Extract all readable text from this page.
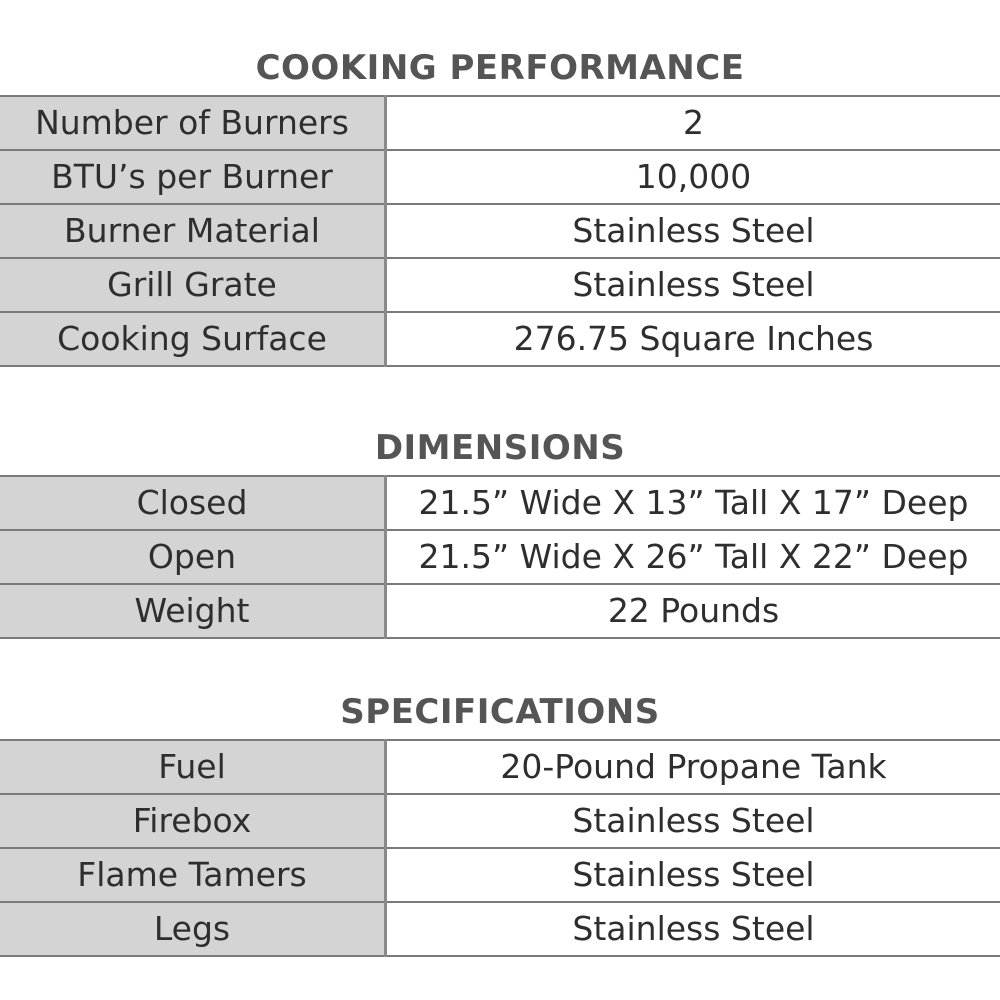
COOKING PERFORMANCE
Number of Burners	2
BTU’s per Burner	10,000
Burner Material	Stainless Steel
Grill Grate	Stainless Steel
Cooking Surface	276.75 Square Inches
DIMENSIONS
Closed	21.5” Wide X 13” Tall X 17” Deep
Open	21.5” Wide X 26” Tall X 22” Deep
Weight	22 Pounds
SPECIFICATIONS
Fuel	20-Pound Propane Tank
Firebox	Stainless Steel
Flame Tamers	Stainless Steel
Legs	Stainless Steel
